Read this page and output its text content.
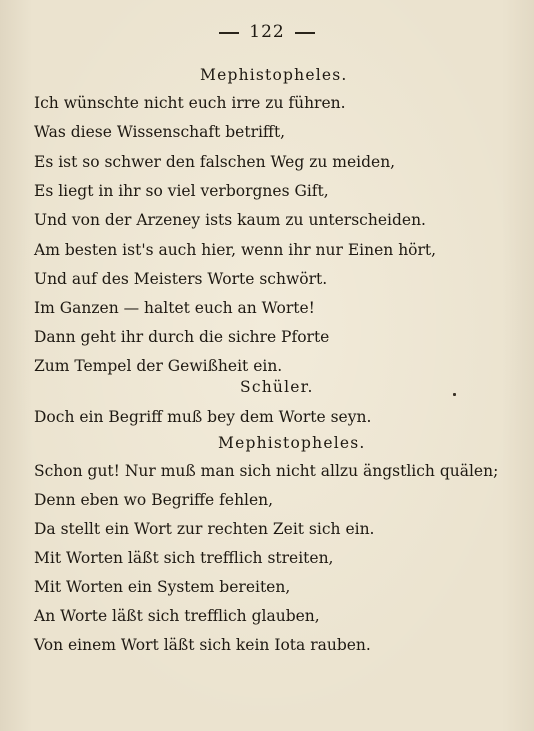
122
Mephistopheles.
Ich wünschte nicht euch irre zu führen.
Was diese Wissenschaft betrifft,
Es ist so schwer den falschen Weg zu meiden,
Es liegt in ihr so viel verborgnes Gift,
Und von der Arzeney ists kaum zu unterscheiden.
Am besten ist's auch hier, wenn ihr nur Einen hört,
Und auf des Meisters Worte schwört.
Im Ganzen — haltet euch an Worte!
Dann geht ihr durch die sichre Pforte
Zum Tempel der Gewißheit ein.
Schüler.
Doch ein Begriff muß bey dem Worte seyn.
Mephistopheles.
Schon gut! Nur muß man sich nicht allzu ängstlich quälen;
Denn eben wo Begriffe fehlen,
Da stellt ein Wort zur rechten Zeit sich ein.
Mit Worten läßt sich trefflich streiten,
Mit Worten ein System bereiten,
An Worte läßt sich trefflich glauben,
Von einem Wort läßt sich kein Iota rauben.
